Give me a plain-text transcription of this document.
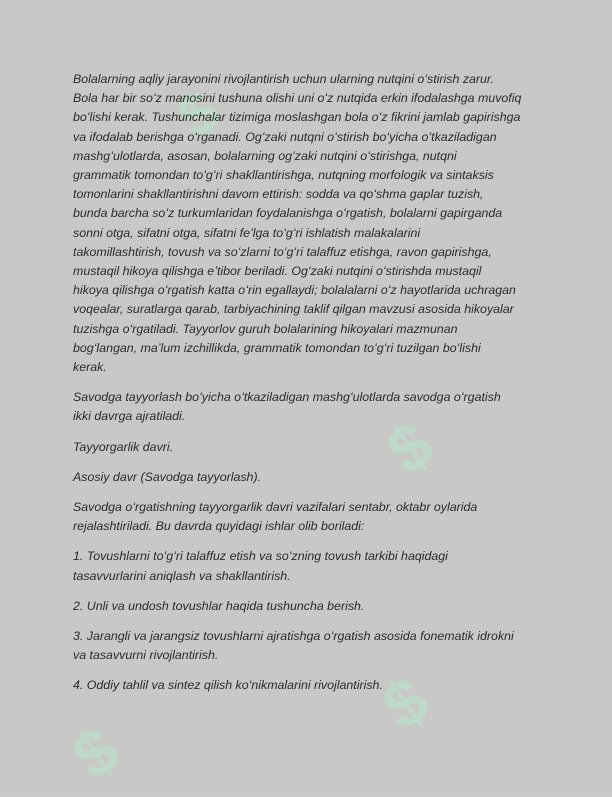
$
$
$
$

Bolalarning aqliy jarayonini rivojlantirish uchun ularning nutqini oʻstirish zarur.
Bola har bir soʻz manosini tushuna olishi uni oʻz nutqida erkin ifodalashga muvofiq
boʻlishi kerak. Tushunchalar tizimiga moslashgan bola oʻz fikrini jamlab gapirishga
va ifodalab berishga oʻrganadi. Ogʻzaki nutqni oʻstirish boʻyicha oʻtkaziladigan
mashgʻulotlarda, asosan, bolalarning ogʻzaki nutqini oʻstirishga, nutqni
grammatik tomondan toʻgʻri shakllantirishga, nutqning morfologik va sintaksis
tomonlarini shakllantirishni davom ettirish: sodda va qoʻshma gaplar tuzish,
bunda barcha soʻz turkumlaridan foydalanishga oʻrgatish, bolalarni gapirganda
sonni otga, sifatni otga, sifatni feʻlga toʻgʻri ishlatish malakalarini
takomillashtirish, tovush va soʻzlarni toʻgʻri talaffuz etishga, ravon gapirishga,
mustaqil hikoya qilishga eʼtibor beriladi. Ogʻzaki nutqini oʻstirishda mustaqil
hikoya qilishga oʻrgatish katta oʻrin egallaydi; bolalalarni oʻz hayotlarida uchragan
voqealar, suratlarga qarab, tarbiyachining taklif qilgan mavzusi asosida hikoyalar
tuzishga oʻrgatiladi. Tayyorlov guruh bolalarining hikoyalari mazmunan
bogʻlangan, maʼlum izchillikda, grammatik tomondan toʻgʻri tuzilgan boʻlishi
kerak.

Savodga tayyorlash boʻyicha oʻtkaziladigan mashgʻulotlarda savodga oʻrgatish
ikki davrga ajratiladi.

Tayyorgarlik davri.

Asosiy davr (Savodga tayyorlash).

Savodga oʻrgatishning tayyorgarlik davri vazifalari sentabr, oktabr oylarida
rejalashtiriladi. Bu davrda quyidagi ishlar olib boriladi:

1. Tovushlarni toʻgʻri talaffuz etish va soʻzning tovush tarkibi haqidagi
tasavvurlarini aniqlash va shakllantirish.

2. Unli va undosh tovushlar haqida tushuncha berish.

3. Jarangli va jarangsiz tovushlarni ajratishga oʻrgatish asosida fonematik idrokni
va tasavvurni rivojlantirish.

4. Oddiy tahlil va sintez qilish koʻnikmalarini rivojlantirish.
